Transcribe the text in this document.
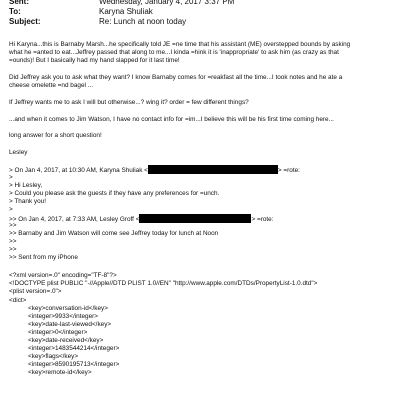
Sent:	Wednesday, January 4, 2017 3:37 PM
To:	Karyna Shuliak
Subject:	Re: Lunch at noon today
Hi Karyna...this is Barnaby Marsh...he specifically told JE =ne time that his assistant (ME) overstepped bounds by asking
what he =anted to eat...Jeffrey passed that along to me...I kinda =hink it is 'inappropriate' to ask him (as crazy as that
=ounds)! But I basically had my hand slapped for it last time!
Did Jeffrey ask you to ask what they want? I know Barnaby comes for =reakfast all the time...I took notes and he ate a
cheese omelette =nd bagel ...
If Jeffrey wants me to ask I will but otherwise...? wing it? order = few different things?
...and when it comes to Jim Watson, I have no contact info for =im...I believe this will be his first time coming here...
long answer for a short question!
Lesley
> On Jan 4, 2017, at 10:30 AM, Karyna Shuliak <	> =rote:
>
> Hi Lesley,
> Could you please ask the guests if they have any preferences for =unch.
> Thank you!
>
>> On Jan 4, 2017, at 7:33 AM, Lesley Groff <	> =rote:
>>
>> Barnaby and Jim Watson will come see Jeffrey today for lunch at Noon
>>
>>
>> Sent from my iPhone
<?xml version=.0" encoding="TF-8"?>
<!DOCTYPE plist PUBLIC "-//Apple//DTD PLIST 1.0//EN" "http://www.apple.com/DTDs/PropertyList-1.0.dtd">
<plist version=.0">
<dict>
<key>conversation-id</key>
<integer>9933</integer>
<key>date-last-viewed</key>
<integer>0</integer>
<key>date-received</key>
<integer>1483544214</integer>
<key>flags</key>
<integer>8590195713</integer>
<key>remote-id</key>
